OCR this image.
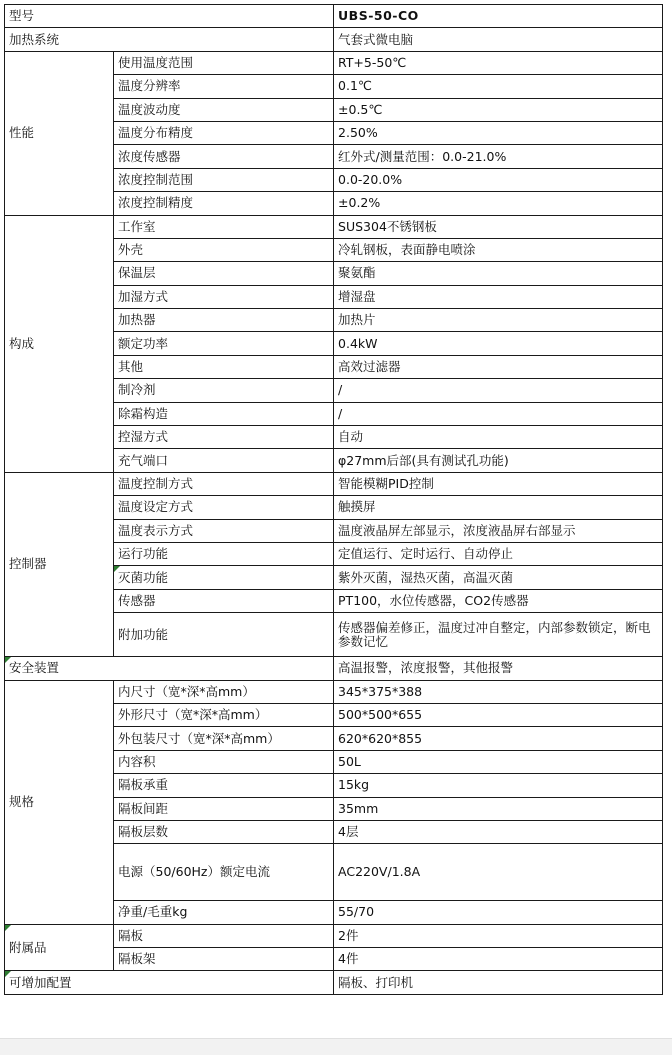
型号		UBS-50-CO
加热系统		气套式微电脑
性能	使用温度范围	RT+5-50℃
	温度分辨率	0.1℃
	温度波动度	±0.5℃
	温度分布精度	2.50%
	浓度传感器	红外式/测量范围：0.0-21.0%
	浓度控制范围	0.0-20.0%
	浓度控制精度	±0.2%
构成	工作室	SUS304不锈钢板
	外壳	冷轧钢板，表面静电喷涂
	保温层	聚氨酯
	加湿方式	增湿盘
	加热器	加热片
	额定功率	0.4kW
	其他	高效过滤器
	制冷剂	/
	除霜构造	/
	控湿方式	自动
	充气端口	φ27mm后部(具有测试孔功能)
控制器	温度控制方式	智能模糊PID控制
	温度设定方式	触摸屏
	温度表示方式	温度液晶屏左部显示，浓度液晶屏右部显示
	运行功能	定值运行、定时运行、自动停止
	灭菌功能	紫外灭菌，湿热灭菌，高温灭菌
	传感器	PT100，水位传感器，CO2传感器
	附加功能	传感器偏差修正，温度过冲自整定，内部参数锁定，断电参数记忆
安全装置		高温报警，浓度报警，其他报警
规格	内尺寸（宽*深*高mm）	345*375*388
	外形尺寸（宽*深*高mm）	500*500*655
	外包装尺寸（宽*深*高mm）	620*620*855
	内容积	50L
	隔板承重	15kg
	隔板间距	35mm
	隔板层数	4层
	电源（50/60Hz）额定电流	AC220V/1.8A
	净重/毛重kg	55/70
附属品	隔板	2件
	隔板架	4件
可增加配置		隔板、打印机
